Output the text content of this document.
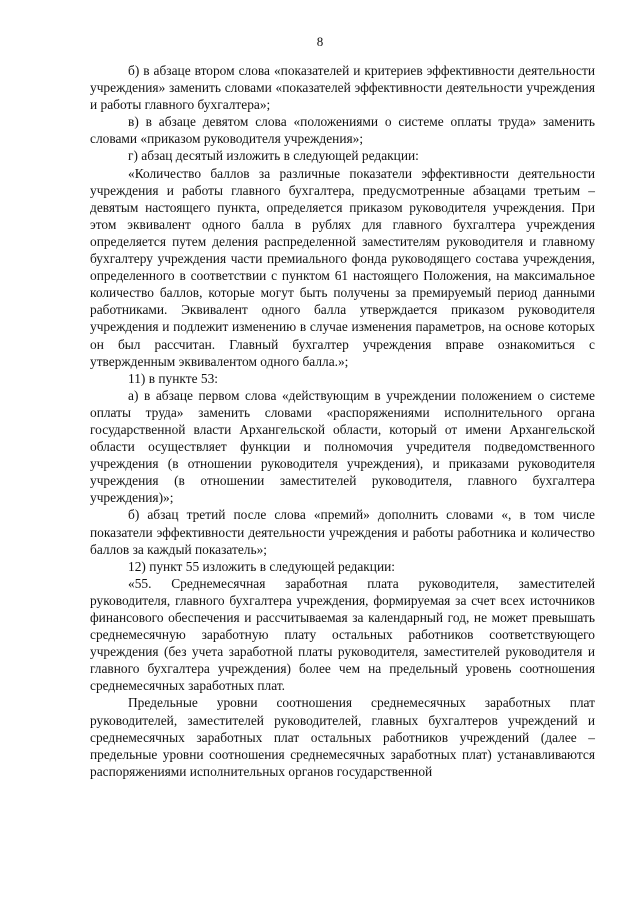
8

б) в абзаце втором слова «показателей и критериев эффективности деятельности учреждения» заменить словами «показателей эффективности деятельности учреждения и работы главного бухгалтера»;

в) в абзаце девятом слова «положениями о системе оплаты труда» заменить словами «приказом руководителя учреждения»;

г) абзац десятый изложить в следующей редакции:

«Количество баллов за различные показатели эффективности деятельности учреждения и работы главного бухгалтера, предусмотренные абзацами третьим – девятым настоящего пункта, определяется приказом руководителя учреждения. При этом эквивалент одного балла в рублях для главного бухгалтера учреждения определяется путем деления распределенной заместителям руководителя и главному бухгалтеру учреждения части премиального фонда руководящего состава учреждения, определенного в соответствии с пунктом 61 настоящего Положения, на максимальное количество баллов, которые могут быть получены за премируемый период данными работниками. Эквивалент одного балла утверждается приказом руководителя учреждения и подлежит изменению в случае изменения параметров, на основе которых он был рассчитан. Главный бухгалтер учреждения вправе ознакомиться с утвержденным эквивалентом одного балла.»;

11) в пункте 53:

а) в абзаце первом слова «действующим в учреждении положением о системе оплаты труда» заменить словами «распоряжениями исполнительного органа государственной власти Архангельской области, который от имени Архангельской области осуществляет функции и полномочия учредителя подведомственного учреждения (в отношении руководителя учреждения), и приказами руководителя учреждения (в отношении заместителей руководителя, главного бухгалтера учреждения)»;

б) абзац третий после слова «премий» дополнить словами «, в том числе показатели эффективности деятельности учреждения и работы работника и количество баллов за каждый показатель»;

12) пункт 55 изложить в следующей редакции:

«55. Среднемесячная заработная плата руководителя, заместителей руководителя, главного бухгалтера учреждения, формируемая за счет всех источников финансового обеспечения и рассчитываемая за календарный год, не может превышать среднемесячную заработную плату остальных работников соответствующего учреждения (без учета заработной платы руководителя, заместителей руководителя и главного бухгалтера учреждения) более чем на предельный уровень соотношения среднемесячных заработных плат.

Предельные уровни соотношения среднемесячных заработных плат руководителей, заместителей руководителей, главных бухгалтеров учреждений и среднемесячных заработных плат остальных работников учреждений (далее – предельные уровни соотношения среднемесячных заработных плат) устанавливаются распоряжениями исполнительных органов государственной
